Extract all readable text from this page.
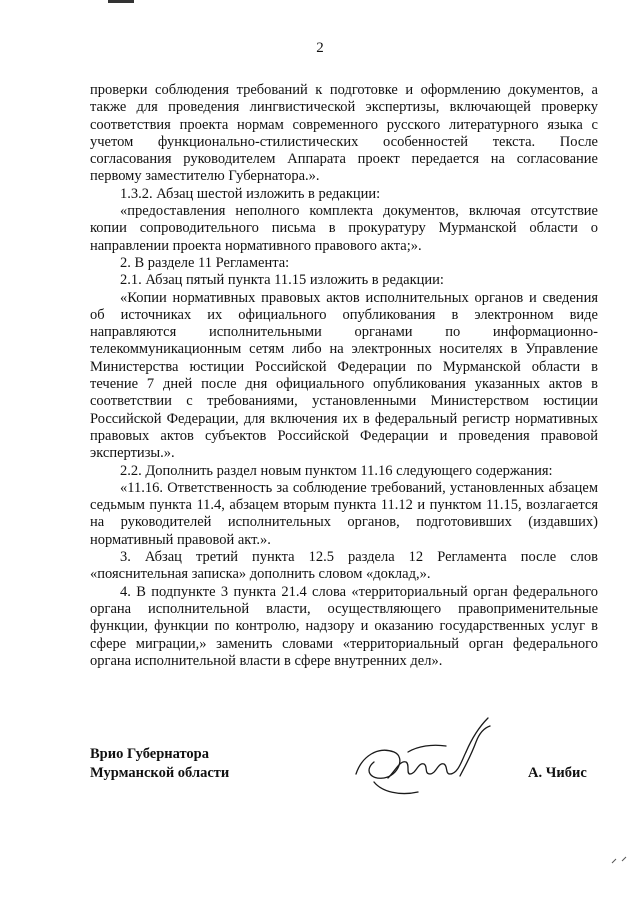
2

проверки соблюдения требований к подготовке и оформлению документов, а также для проведения лингвистической экспертизы, включающей проверку соответствия проекта нормам современного русского литературного языка с учетом функционально-стилистических особенностей текста. После согласования руководителем Аппарата проект передается на согласование первому заместителю Губернатора.».

1.3.2. Абзац шестой изложить в редакции:

«предоставления неполного комплекта документов, включая отсутствие копии сопроводительного письма в прокуратуру Мурманской области о направлении проекта нормативного правового акта;».

2. В разделе 11 Регламента:

2.1. Абзац пятый пункта 11.15 изложить в редакции:

«Копии нормативных правовых актов исполнительных органов и сведения об источниках их официального опубликования в электронном виде направляются исполнительными органами по информационно-телекоммуникационным сетям либо на электронных носителях в Управление Министерства юстиции Российской Федерации по Мурманской области в течение 7 дней после дня официального опубликования указанных актов в соответствии с требованиями, установленными Министерством юстиции Российской Федерации, для включения их в федеральный регистр нормативных правовых актов субъектов Российской Федерации и проведения правовой экспертизы.».

2.2. Дополнить раздел новым пунктом 11.16 следующего содержания:

«11.16. Ответственность за соблюдение требований, установленных абзацем седьмым пункта 11.4, абзацем вторым пункта 11.12 и пунктом 11.15, возлагается на руководителей исполнительных органов, подготовивших (издавших) нормативный правовой акт.».

3. Абзац третий пункта 12.5 раздела 12 Регламента после слов «пояснительная записка» дополнить словом «доклад,».

4. В подпункте 3 пункта 21.4 слова «территориальный орган федерального органа исполнительной власти, осуществляющего правоприменительные функции, функции по контролю, надзору и оказанию государственных услуг в сфере миграции,» заменить словами «территориальный орган федерального органа исполнительной власти в сфере внутренних дел».

Врио Губернатора
Мурманской области	А. Чибис
